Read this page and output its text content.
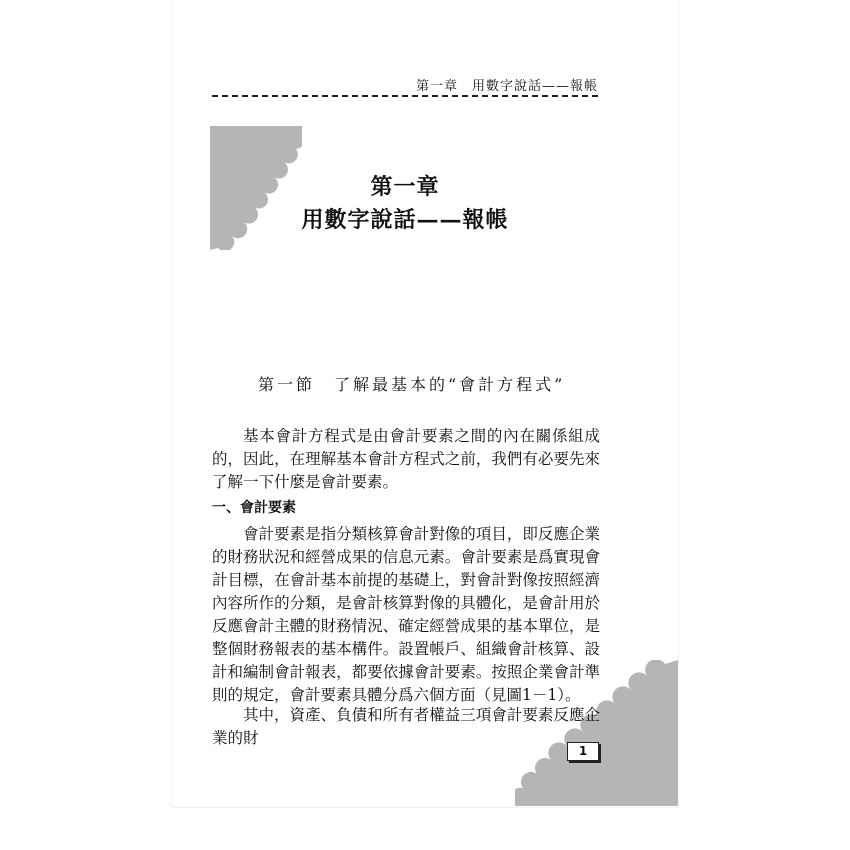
第一章　用數字說話——報帳
第一章
用數字說話——報帳
第一節　了解最基本的“會計方程式”

基本會計方程式是由會計要素之間的內在關係組成的，因此，在理解基本會計方程式之前，我們有必要先來了解一下什麼是會計要素。

一、會計要素

會計要素是指分類核算會計對像的項目，即反應企業的財務狀況和經營成果的信息元素。會計要素是爲實現會計目標，在會計基本前提的基礎上，對會計對像按照經濟內容所作的分類，是會計核算對像的具體化，是會計用於反應會計主體的財務情況、確定經營成果的基本單位，是整個財務報表的基本構件。設置帳戶、組織會計核算、設計和編制會計報表，都要依據會計要素。按照企業會計準則的規定，會計要素具體分爲六個方面（見圖1－1）。

其中，資產、負債和所有者權益三項會計要素反應企業的財

1
